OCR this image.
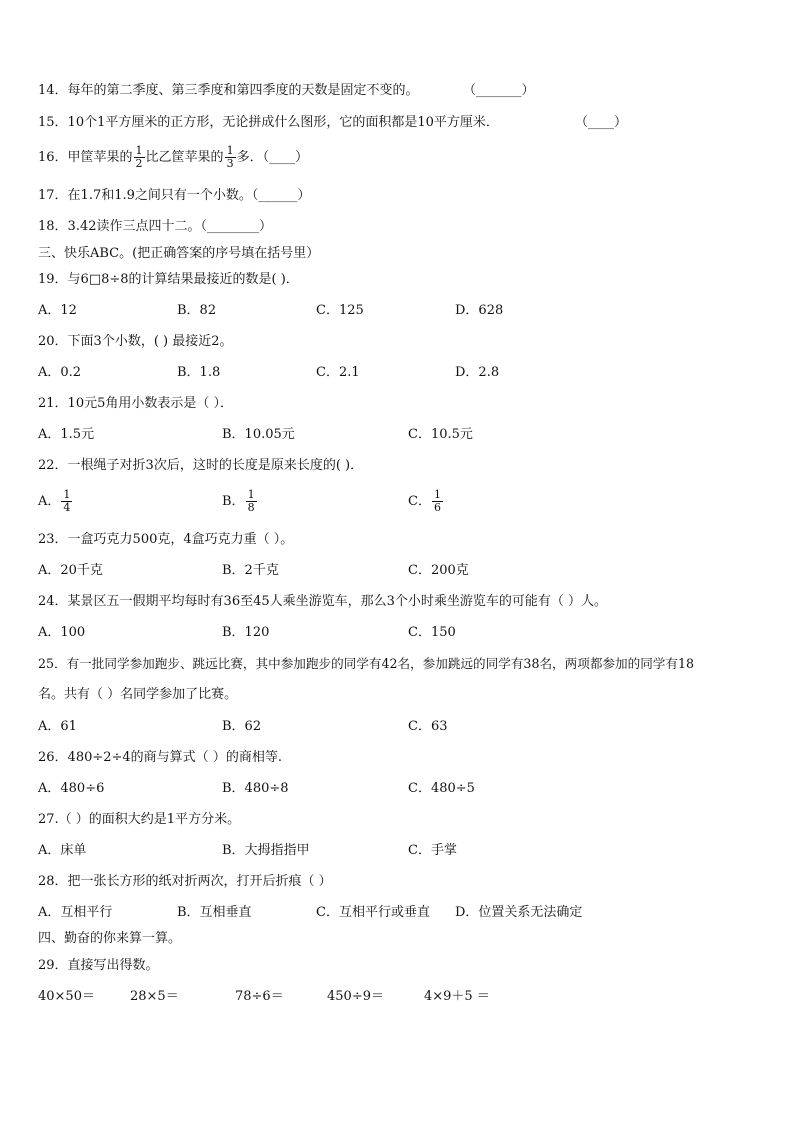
14．每年的第二季度、第三季度和第四季度的天数是固定不变的。	（_______）
15．10个1平方厘米的正方形，无论拼成什么图形，它的面积都是10平方厘米．	（____）
16．甲筐苹果的 $\frac{1}{2}$ 比乙筐苹果的 $\frac{1}{3}$ 多．（____）
17．在1.7和1.9之间只有一个小数。（______）
18．3.42读作三点四十二。（________）
三、快乐ABC。(把正确答案的序号填在括号里）
19．与6□8÷8的计算结果最接近的数是( )．
A．12	B．82	C．125	D．628
20．下面3个小数，( ) 最接近2。
A．0.2	B．1.8	C．2.1	D．2.8
21．10元5角用小数表示是（ ）．
A．1.5元	B．10.05元	C．10.5元
22．一根绳子对折3次后，这时的长度是原来长度的( )．
A． $\frac{1}{4}$	B． $\frac{1}{8}$	C． $\frac{1}{6}$
23．一盒巧克力500克，4盒巧克力重（ ）。
A．20千克	B．2千克	C．200克
24．某景区五一假期平均每时有36至45人乘坐游览车，那么3个小时乘坐游览车的可能有（ ）人。
A．100	B．120	C．150
25．有一批同学参加跑步、跳远比赛，其中参加跑步的同学有42名，参加跳远的同学有38名，两项都参加的同学有18
名。共有（ ）名同学参加了比赛。
A．61	B．62	C．63
26．480÷2÷4的商与算式（ ）的商相等.
A．480÷6	B．480÷8	C．480÷5
27.（ ）的面积大约是1平方分米。
A．床单	B．大拇指指甲	C．手掌
28．把一张长方形的纸对折两次，打开后折痕（ ）
A．互相平行	B．互相垂直	C．互相平行或垂直 D．位置关系无法确定
四、勤奋的你来算一算。
29．直接写出得数。
40×50＝	28×5＝	78÷6＝	450÷9＝	4×9＋5 ＝
